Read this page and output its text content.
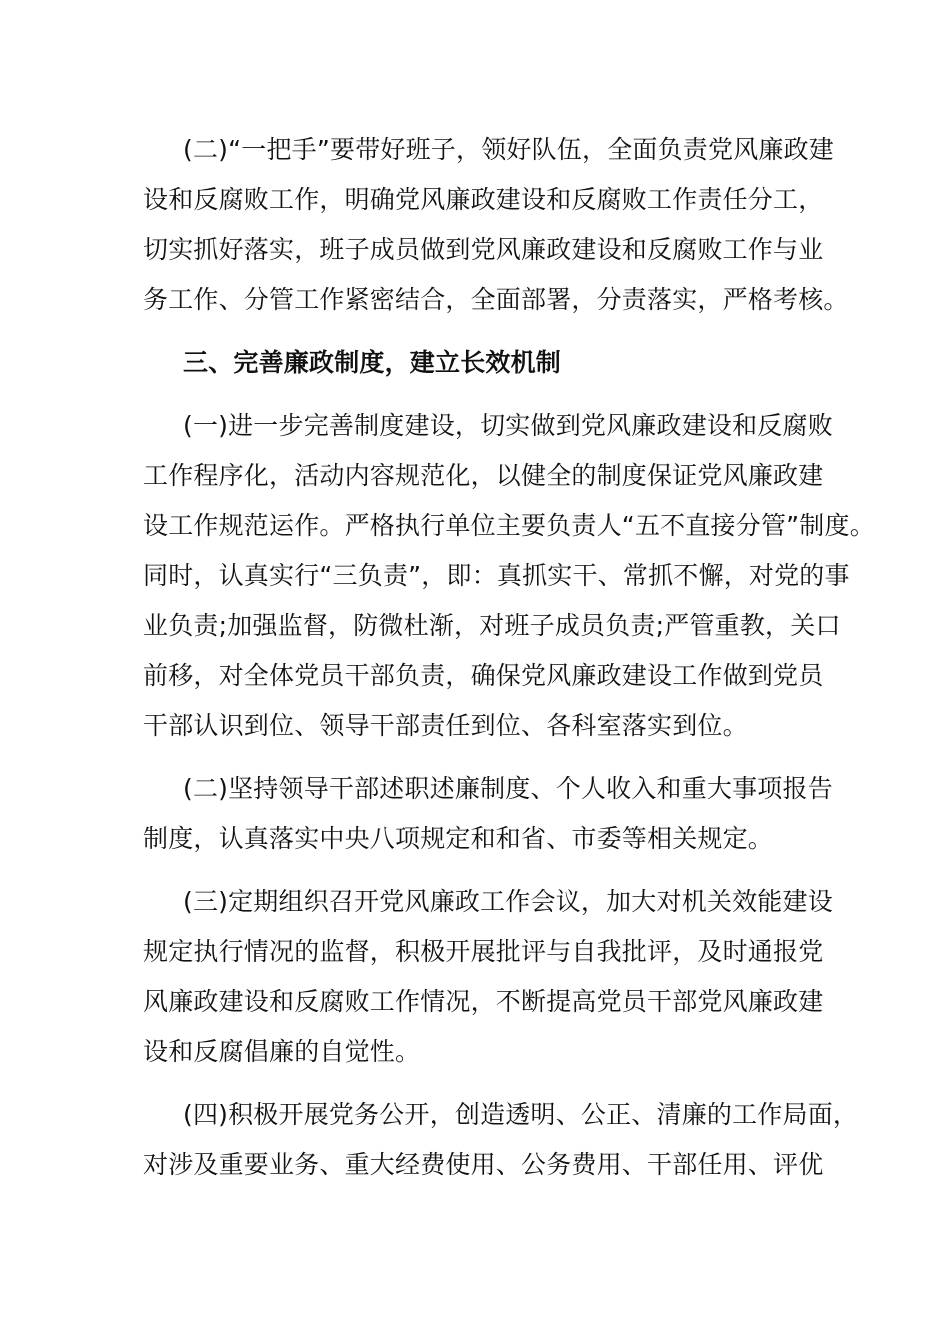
(二)“一把手”要带好班子，领好队伍，全面负责党风廉政建
设和反腐败工作，明确党风廉政建设和反腐败工作责任分工，
切实抓好落实，班子成员做到党风廉政建设和反腐败工作与业
务工作、分管工作紧密结合，全面部署，分责落实，严格考核。
三、完善廉政制度，建立长效机制
(一)进一步完善制度建设，切实做到党风廉政建设和反腐败
工作程序化，活动内容规范化，以健全的制度保证党风廉政建
设工作规范运作。严格执行单位主要负责人“五不直接分管”制度。
同时，认真实行“三负责”，即：真抓实干、常抓不懈，对党的事
业负责;加强监督，防微杜渐，对班子成员负责;严管重教，关口
前移，对全体党员干部负责，确保党风廉政建设工作做到党员
干部认识到位、领导干部责任到位、各科室落实到位。
(二)坚持领导干部述职述廉制度、个人收入和重大事项报告
制度，认真落实中央八项规定和和省、市委等相关规定。
(三)定期组织召开党风廉政工作会议，加大对机关效能建设
规定执行情况的监督，积极开展批评与自我批评，及时通报党
风廉政建设和反腐败工作情况，不断提高党员干部党风廉政建
设和反腐倡廉的自觉性。
(四)积极开展党务公开，创造透明、公正、清廉的工作局面，
对涉及重要业务、重大经费使用、公务费用、干部任用、评优
